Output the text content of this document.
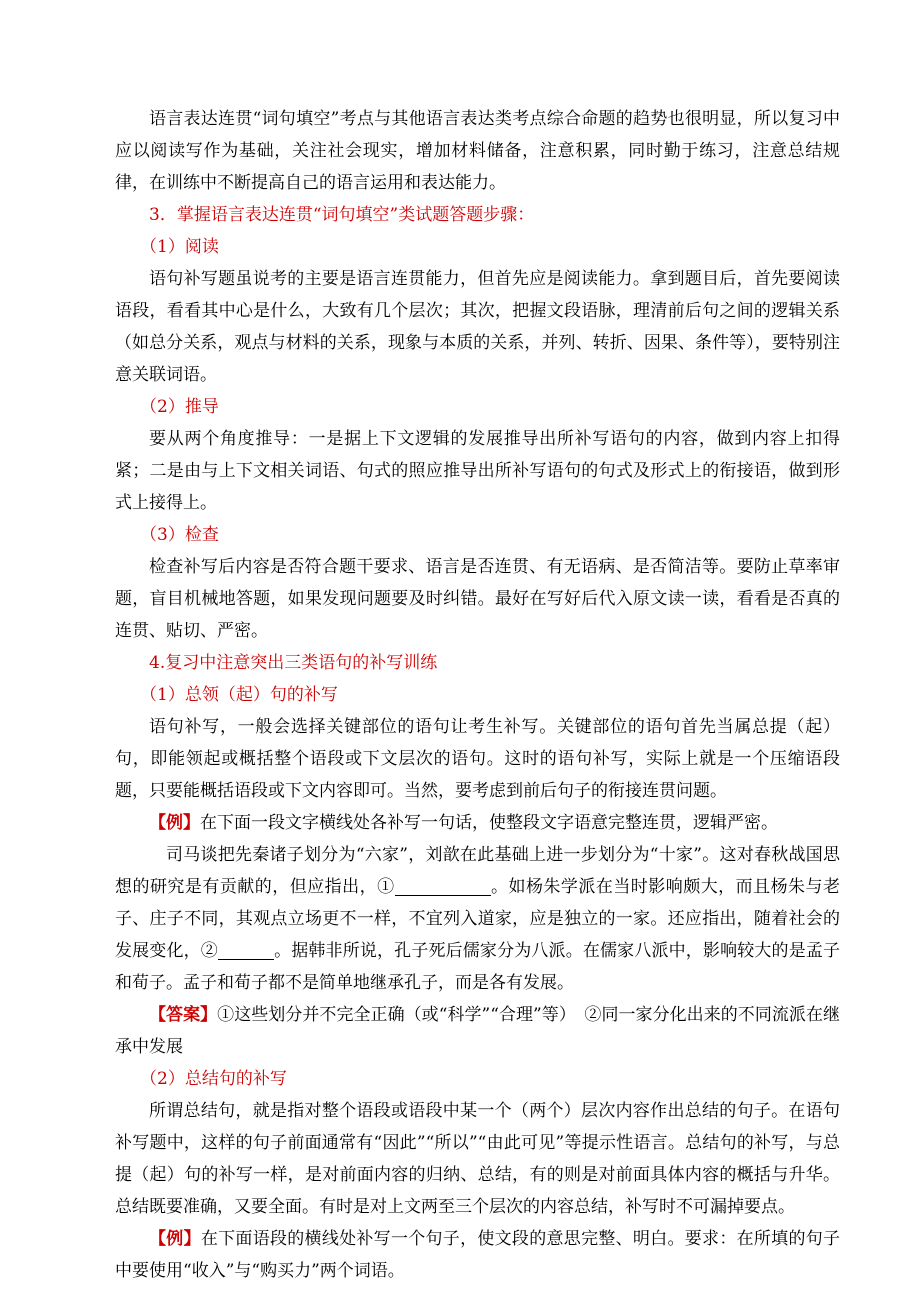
语言表达连贯“词句填空”考点与其他语言表达类考点综合命题的趋势也很明显，所以复习中应以阅读写作为基础，关注社会现实，增加材料储备，注意积累，同时勤于练习，注意总结规律，在训练中不断提高自己的语言运用和表达能力。

3．掌握语言表达连贯“词句填空”类试题答题步骤：

（1）阅读

语句补写题虽说考的主要是语言连贯能力，但首先应是阅读能力。拿到题目后，首先要阅读语段，看看其中心是什么，大致有几个层次；其次，把握文段语脉，理清前后句之间的逻辑关系（如总分关系，观点与材料的关系，现象与本质的关系，并列、转折、因果、条件等），要特别注意关联词语。

（2）推导

要从两个角度推导：一是据上下文逻辑的发展推导出所补写语句的内容，做到内容上扣得紧；二是由与上下文相关词语、句式的照应推导出所补写语句的句式及形式上的衔接语，做到形式上接得上。

（3）检查

检查补写后内容是否符合题干要求、语言是否连贯、有无语病、是否简洁等。要防止草率审题，盲目机械地答题，如果发现问题要及时纠错。最好在写好后代入原文读一读，看看是否真的连贯、贴切、严密。

4.复习中注意突出三类语句的补写训练

（1）总领（起）句的补写

语句补写，一般会选择关键部位的语句让考生补写。关键部位的语句首先当属总提（起）句，即能领起或概括整个语段或下文层次的语句。这时的语句补写，实际上就是一个压缩语段题，只要能概括语段或下文内容即可。当然，要考虑到前后句子的衔接连贯问题。

【例】在下面一段文字横线处各补写一句话，使整段文字语意完整连贯，逻辑严密。

司马谈把先秦诸子划分为“六家”，刘歆在此基础上进一步划分为“十家”。这对春秋战国思想的研究是有贡献的，但应指出，①	。如杨朱学派在当时影响颇大，而且杨朱与老子、庄子不同，其观点立场更不一样，不宜列入道家，应是独立的一家。还应指出，随着社会的发展变化，②	。据韩非所说，孔子死后儒家分为八派。在儒家八派中，影响较大的是孟子和荀子。孟子和荀子都不是简单地继承孔子，而是各有发展。

【答案】①这些划分并不完全正确（或“科学”“合理”等）　②同一家分化出来的不同流派在继承中发展

（2）总结句的补写

所谓总结句，就是指对整个语段或语段中某一个（两个）层次内容作出总结的句子。在语句补写题中，这样的句子前面通常有“因此”“所以”“由此可见”等提示性语言。总结句的补写，与总提（起）句的补写一样，是对前面内容的归纳、总结，有的则是对前面具体内容的概括与升华。总结既要准确，又要全面。有时是对上文两至三个层次的内容总结，补写时不可漏掉要点。

【例】在下面语段的横线处补写一个句子，使文段的意思完整、明白。要求：在所填的句子中要使用“收入”与“购买力”两个词语。
